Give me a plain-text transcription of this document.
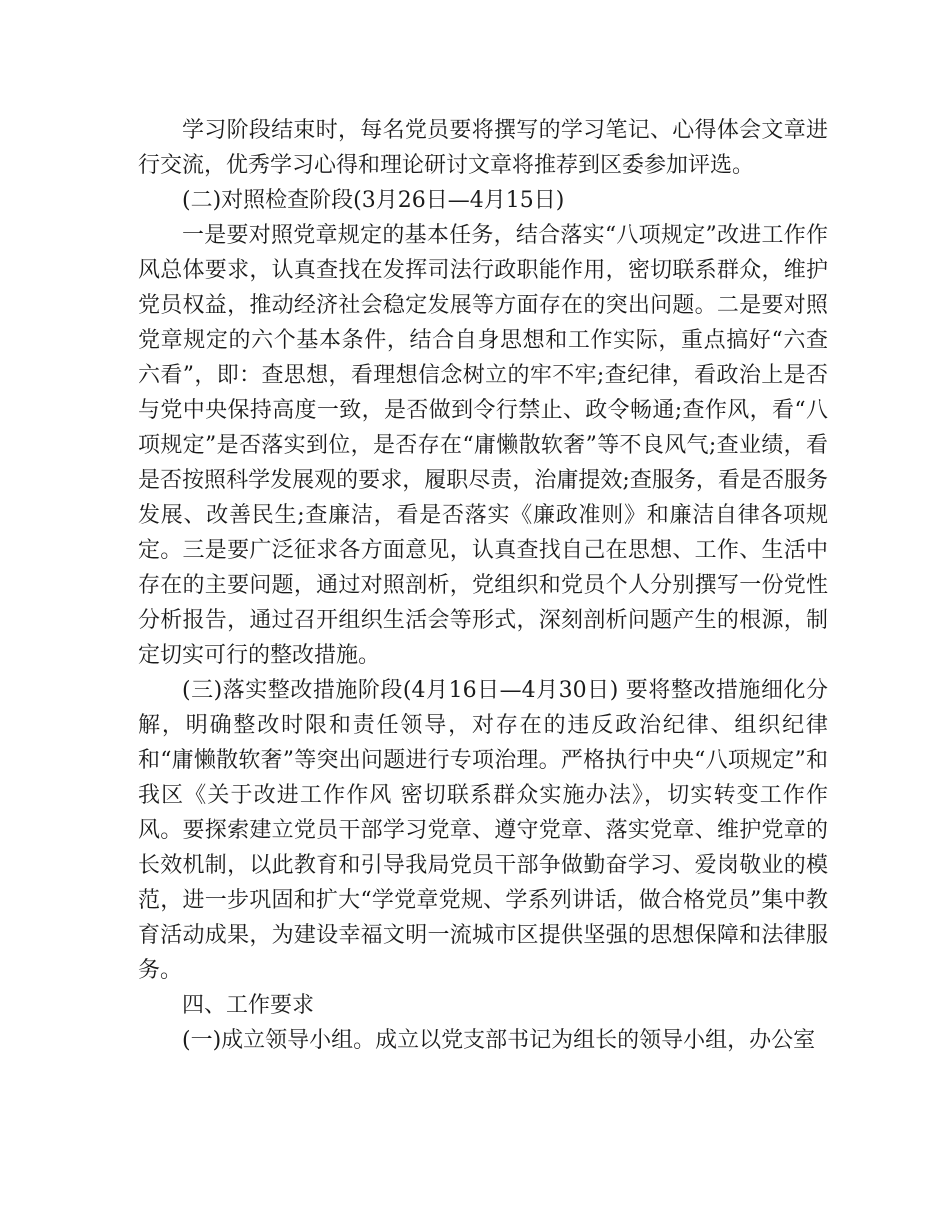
学习阶段结束时，每名党员要将撰写的学习笔记、心得体会文章进行交流，优秀学习心得和理论研讨文章将推荐到区委参加评选。

(二)对照检查阶段(3月26日—4月15日)

一是要对照党章规定的基本任务，结合落实“八项规定”改进工作作风总体要求，认真查找在发挥司法行政职能作用，密切联系群众，维护党员权益，推动经济社会稳定发展等方面存在的突出问题。二是要对照党章规定的六个基本条件，结合自身思想和工作实际，重点搞好“六查六看”，即：查思想，看理想信念树立的牢不牢;查纪律，看政治上是否与党中央保持高度一致，是否做到令行禁止、政令畅通;查作风，看“八项规定”是否落实到位，是否存在“庸懒散软奢”等不良风气;查业绩，看是否按照科学发展观的要求，履职尽责，治庸提效;查服务，看是否服务发展、改善民生;查廉洁，看是否落实《廉政准则》和廉洁自律各项规定。三是要广泛征求各方面意见，认真查找自己在思想、工作、生活中存在的主要问题，通过对照剖析，党组织和党员个人分别撰写一份党性分析报告，通过召开组织生活会等形式，深刻剖析问题产生的根源，制定切实可行的整改措施。

(三)落实整改措施阶段(4月16日—4月30日) 要将整改措施细化分解，明确整改时限和责任领导，对存在的违反政治纪律、组织纪律和“庸懒散软奢”等突出问题进行专项治理。严格执行中央“八项规定”和我区《关于改进工作作风 密切联系群众实施办法》，切实转变工作作风。要探索建立党员干部学习党章、遵守党章、落实党章、维护党章的长效机制，以此教育和引导我局党员干部争做勤奋学习、爱岗敬业的模范，进一步巩固和扩大“学党章党规、学系列讲话，做合格党员”集中教育活动成果，为建设幸福文明一流城市区提供坚强的思想保障和法律服务。

四、工作要求

(一)成立领导小组。成立以党支部书记为组长的领导小组，办公室
